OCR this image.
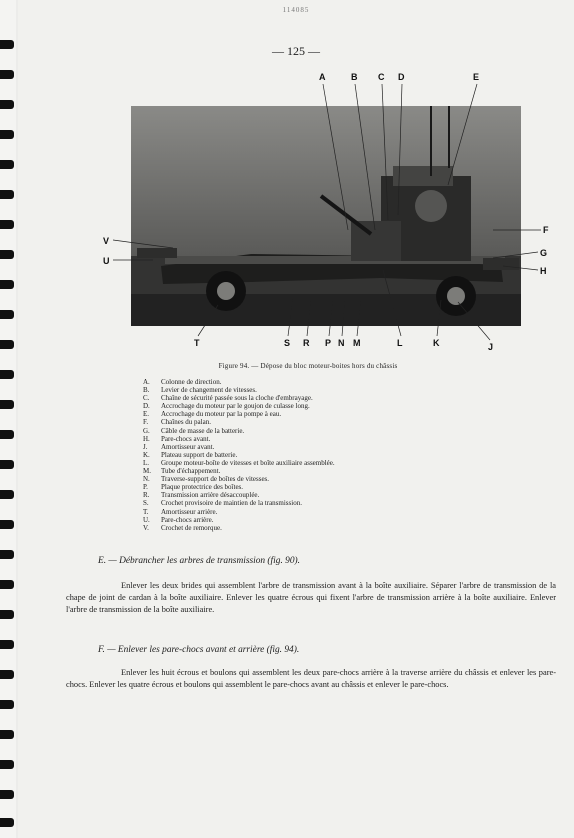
114085
— 125 —
A	B C D	E
V
U
F
G
H
T	S R P N M	L	K	J
Figure 94. — Dépose du bloc moteur-boites hors du châssis
A.	Colonne de direction.
B.	Levier de changement de vitesses.
C.	Chaîne de sécurité passée sous la cloche d'embrayage.
D.	Accrochage du moteur par le goujon de culasse long.
E.	Accrochage du moteur par la pompe à eau.
F.	Chaînes du palan.
G.	Câble de masse de la batterie.
H.	Pare-chocs avant.
J.	Amortisseur avant.
K.	Plateau support de batterie.
L.	Groupe moteur-boîte de vitesses et boîte auxiliaire assemblée.
M.	Tube d'échappement.
N.	Traverse-support de boîtes de vitesses.
P.	Plaque protectrice des boîtes.
R.	Transmission arrière désaccouplée.
S.	Crochet provisoire de maintien de la transmission.
T.	Amortisseur arrière.
U.	Pare-chocs arrière.
V.	Crochet de remorque.
E. — Débrancher les arbres de transmission (fig. 90).
Enlever les deux brides qui assemblent l'arbre de transmission avant à la boîte auxiliaire. Séparer l'arbre de transmission de la chape de joint de cardan à la boîte auxiliaire. Enlever les quatre écrous qui fixent l'arbre de transmission arrière à la boîte auxiliaire. Enlever l'arbre de transmission de la boîte auxiliaire.
F. — Enlever les pare-chocs avant et arrière (fig. 94).
Enlever les huit écrous et boulons qui assemblent les deux pare-chocs arrière à la traverse arrière du châssis et enlever les pare-chocs. Enlever les quatre écrous et boulons qui assemblent le pare-chocs avant au châssis et enlever le pare-chocs.
